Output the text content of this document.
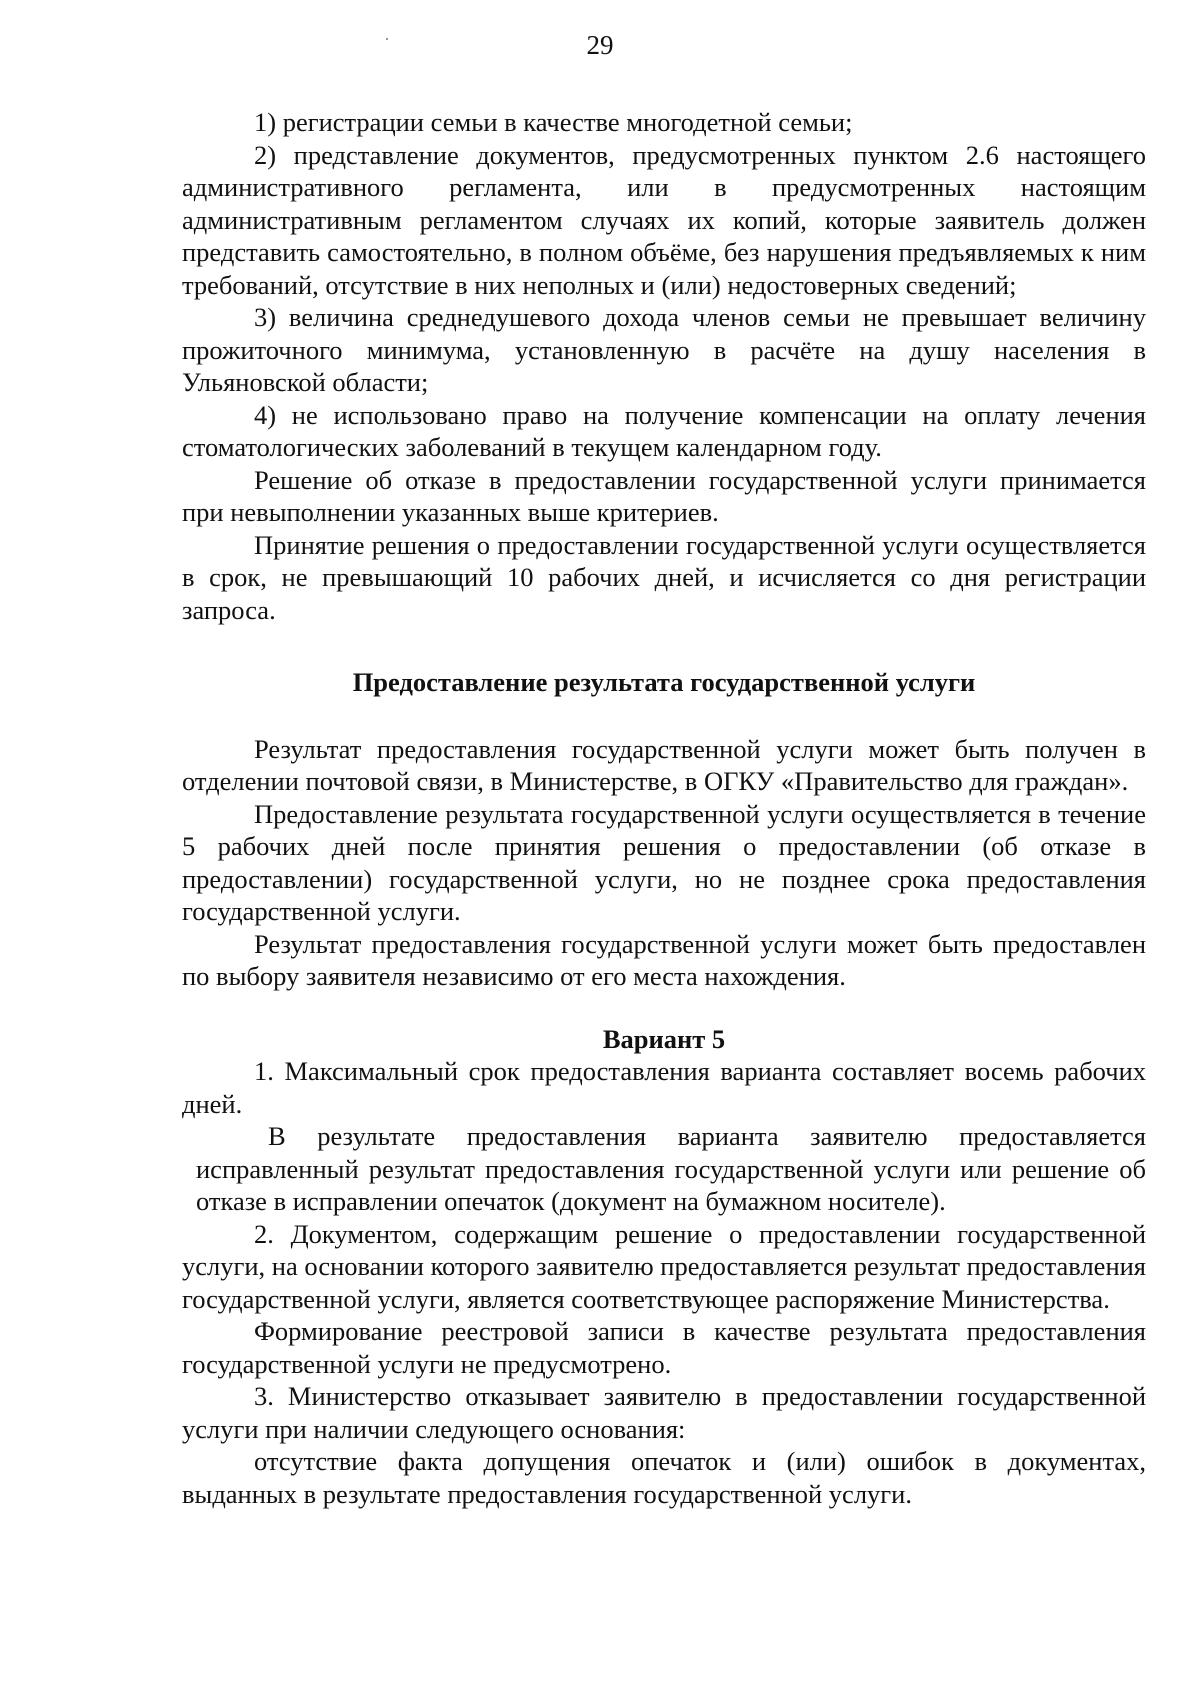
29

1) регистрации семьи в качестве многодетной семьи;

2) представление документов, предусмотренных пунктом 2.6 настоящего административного регламента, или в предусмотренных настоящим административным регламентом случаях их копий, которые заявитель должен представить самостоятельно, в полном объёме, без нарушения предъявляемых к ним требований, отсутствие в них неполных и (или) недостоверных сведений;

3) величина среднедушевого дохода членов семьи не превышает величину прожиточного минимума, установленную в расчёте на душу населения в Ульяновской области;

4) не использовано право на получение компенсации на оплату лечения стоматологических заболеваний в текущем календарном году.

Решение об отказе в предоставлении государственной услуги принимается при невыполнении указанных выше критериев.

Принятие решения о предоставлении государственной услуги осуществляется в срок, не превышающий 10 рабочих дней, и исчисляется со дня регистрации запроса.

Предоставление результата государственной услуги

Результат предоставления государственной услуги может быть получен в отделении почтовой связи, в Министерстве, в ОГКУ «Правительство для граждан».

Предоставление результата государственной услуги осуществляется в течение 5 рабочих дней после принятия решения о предоставлении (об отказе в предоставлении) государственной услуги, но не позднее срока предоставления государственной услуги.

Результат предоставления государственной услуги может быть предоставлен по выбору заявителя независимо от его места нахождения.

Вариант 5

1. Максимальный срок предоставления варианта составляет восемь рабочих дней.

В результате предоставления варианта заявителю предоставляется исправленный результат предоставления государственной услуги или решение об отказе в исправлении опечаток (документ на бумажном носителе).

2. Документом, содержащим решение о предоставлении государственной услуги, на основании которого заявителю предоставляется результат предоставления государственной услуги, является соответствующее распоряжение Министерства.

Формирование реестровой записи в качестве результата предоставления государственной услуги не предусмотрено.

3. Министерство отказывает заявителю в предоставлении государственной услуги при наличии следующего основания:

отсутствие факта допущения опечаток и (или) ошибок в документах, выданных в результате предоставления государственной услуги.
